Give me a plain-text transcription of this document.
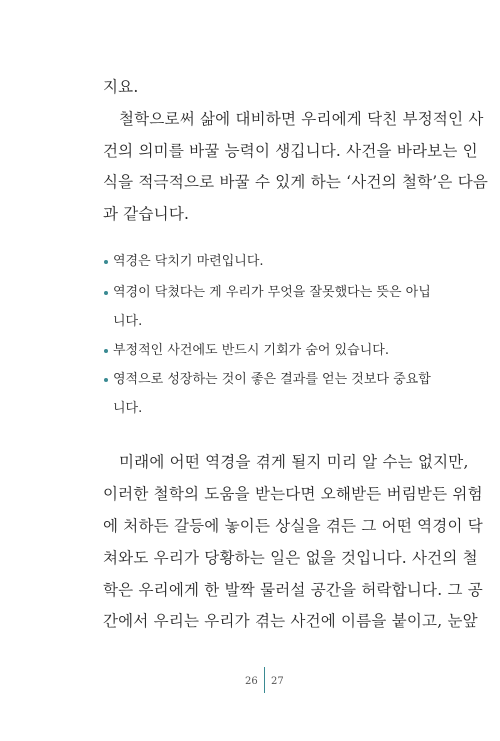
지요.
철학으로써 삶에 대비하면 우리에게 닥친 부정적인 사
건의 의미를 바꿀 능력이 생깁니다. 사건을 바라보는 인
식을 적극적으로 바꿀 수 있게 하는 ‘사건의 철학’은 다음
과 같습니다.
역경은 닥치기 마련입니다.
역경이 닥쳤다는 게 우리가 무엇을 잘못했다는 뜻은 아닙
니다.
부정적인 사건에도 반드시 기회가 숨어 있습니다.
영적으로 성장하는 것이 좋은 결과를 얻는 것보다 중요합
니다.
미래에 어떤 역경을 겪게 될지 미리 알 수는 없지만,
이러한 철학의 도움을 받는다면 오해받든 버림받든 위험
에 처하든 갈등에 놓이든 상실을 겪든 그 어떤 역경이 닥
쳐와도 우리가 당황하는 일은 없을 것입니다. 사건의 철
학은 우리에게 한 발짝 물러설 공간을 허락합니다. 그 공
간에서 우리는 우리가 겪는 사건에 이름을 붙이고, 눈앞
26 27
